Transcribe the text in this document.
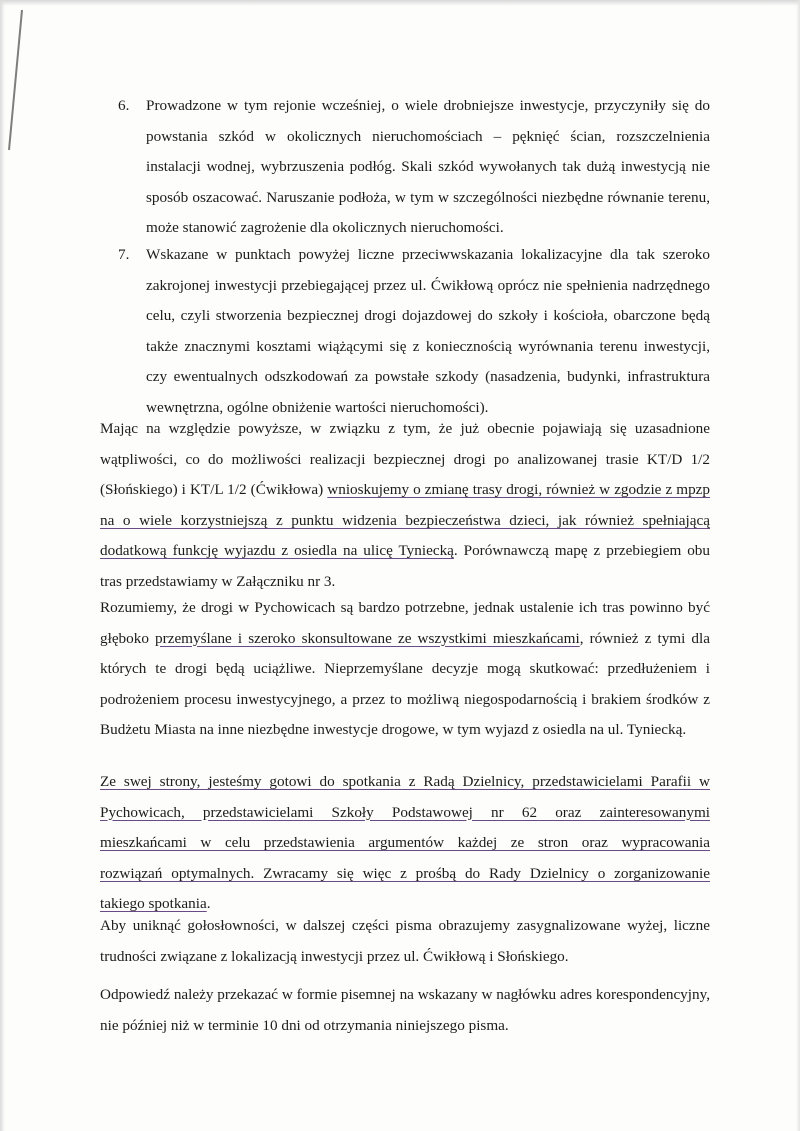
6. Prowadzone w tym rejonie wcześniej, o wiele drobniejsze inwestycje, przyczyniły się do powstania szkód w okolicznych nieruchomościach – pęknięć ścian, rozszczelnienia instalacji wodnej, wybrzuszenia podłóg. Skali szkód wywołanych tak dużą inwestycją nie sposób oszacować. Naruszanie podłoża, w tym w szczególności niezbędne równanie terenu, może stanowić zagrożenie dla okolicznych nieruchomości.
7. Wskazane w punktach powyżej liczne przeciwwskazania lokalizacyjne dla tak szeroko zakrojonej inwestycji przebiegającej przez ul. Ćwikłową oprócz nie spełnienia nadrzędnego celu, czyli stworzenia bezpiecznej drogi dojazdowej do szkoły i kościoła, obarczone będą także znacznymi kosztami wiążącymi się z koniecznością wyrównania terenu inwestycji, czy ewentualnych odszkodowań za powstałe szkody (nasadzenia, budynki, infrastruktura wewnętrzna, ogólne obniżenie wartości nieruchomości).
Mając na względzie powyższe, w związku z tym, że już obecnie pojawiają się uzasadnione wątpliwości, co do możliwości realizacji bezpiecznej drogi po analizowanej trasie KT/D 1/2 (Słońskiego) i KT/L 1/2 (Ćwikłowa) wnioskujemy o zmianę trasy drogi, również w zgodzie z mpzp na o wiele korzystniejszą z punktu widzenia bezpieczeństwa dzieci, jak również spełniającą dodatkową funkcję wyjazdu z osiedla na ulicę Tyniecką. Porównawczą mapę z przebiegiem obu tras przedstawiamy w Załączniku nr 3.
Rozumiemy, że drogi w Pychowicach są bardzo potrzebne, jednak ustalenie ich tras powinno być głęboko przemyślane i szeroko skonsultowane ze wszystkimi mieszkańcami, również z tymi dla których te drogi będą uciążliwe. Nieprzemyślane decyzje mogą skutkować: przedłużeniem i podrożeniem procesu inwestycyjnego, a przez to możliwą niegospodarnością i brakiem środków z Budżetu Miasta na inne niezbędne inwestycje drogowe, w tym wyjazd z osiedla na ul. Tyniecką.
Ze swej strony, jesteśmy gotowi do spotkania z Radą Dzielnicy, przedstawicielami Parafii w
Pychowicach, przedstawicielami Szkoły Podstawowej nr 62 oraz zainteresowanymi
mieszkańcami w celu przedstawienia argumentów każdej ze stron oraz wypracowania
rozwiązań optymalnych. Zwracamy się więc z prośbą do Rady Dzielnicy o zorganizowanie
takiego spotkania.
Aby uniknąć gołosłowności, w dalszej części pisma obrazujemy zasygnalizowane wyżej, liczne trudności związane z lokalizacją inwestycji przez ul. Ćwikłową i Słońskiego.
Odpowiedź należy przekazać w formie pisemnej na wskazany w nagłówku adres korespondencyjny, nie później niż w terminie 10 dni od otrzymania niniejszego pisma.
